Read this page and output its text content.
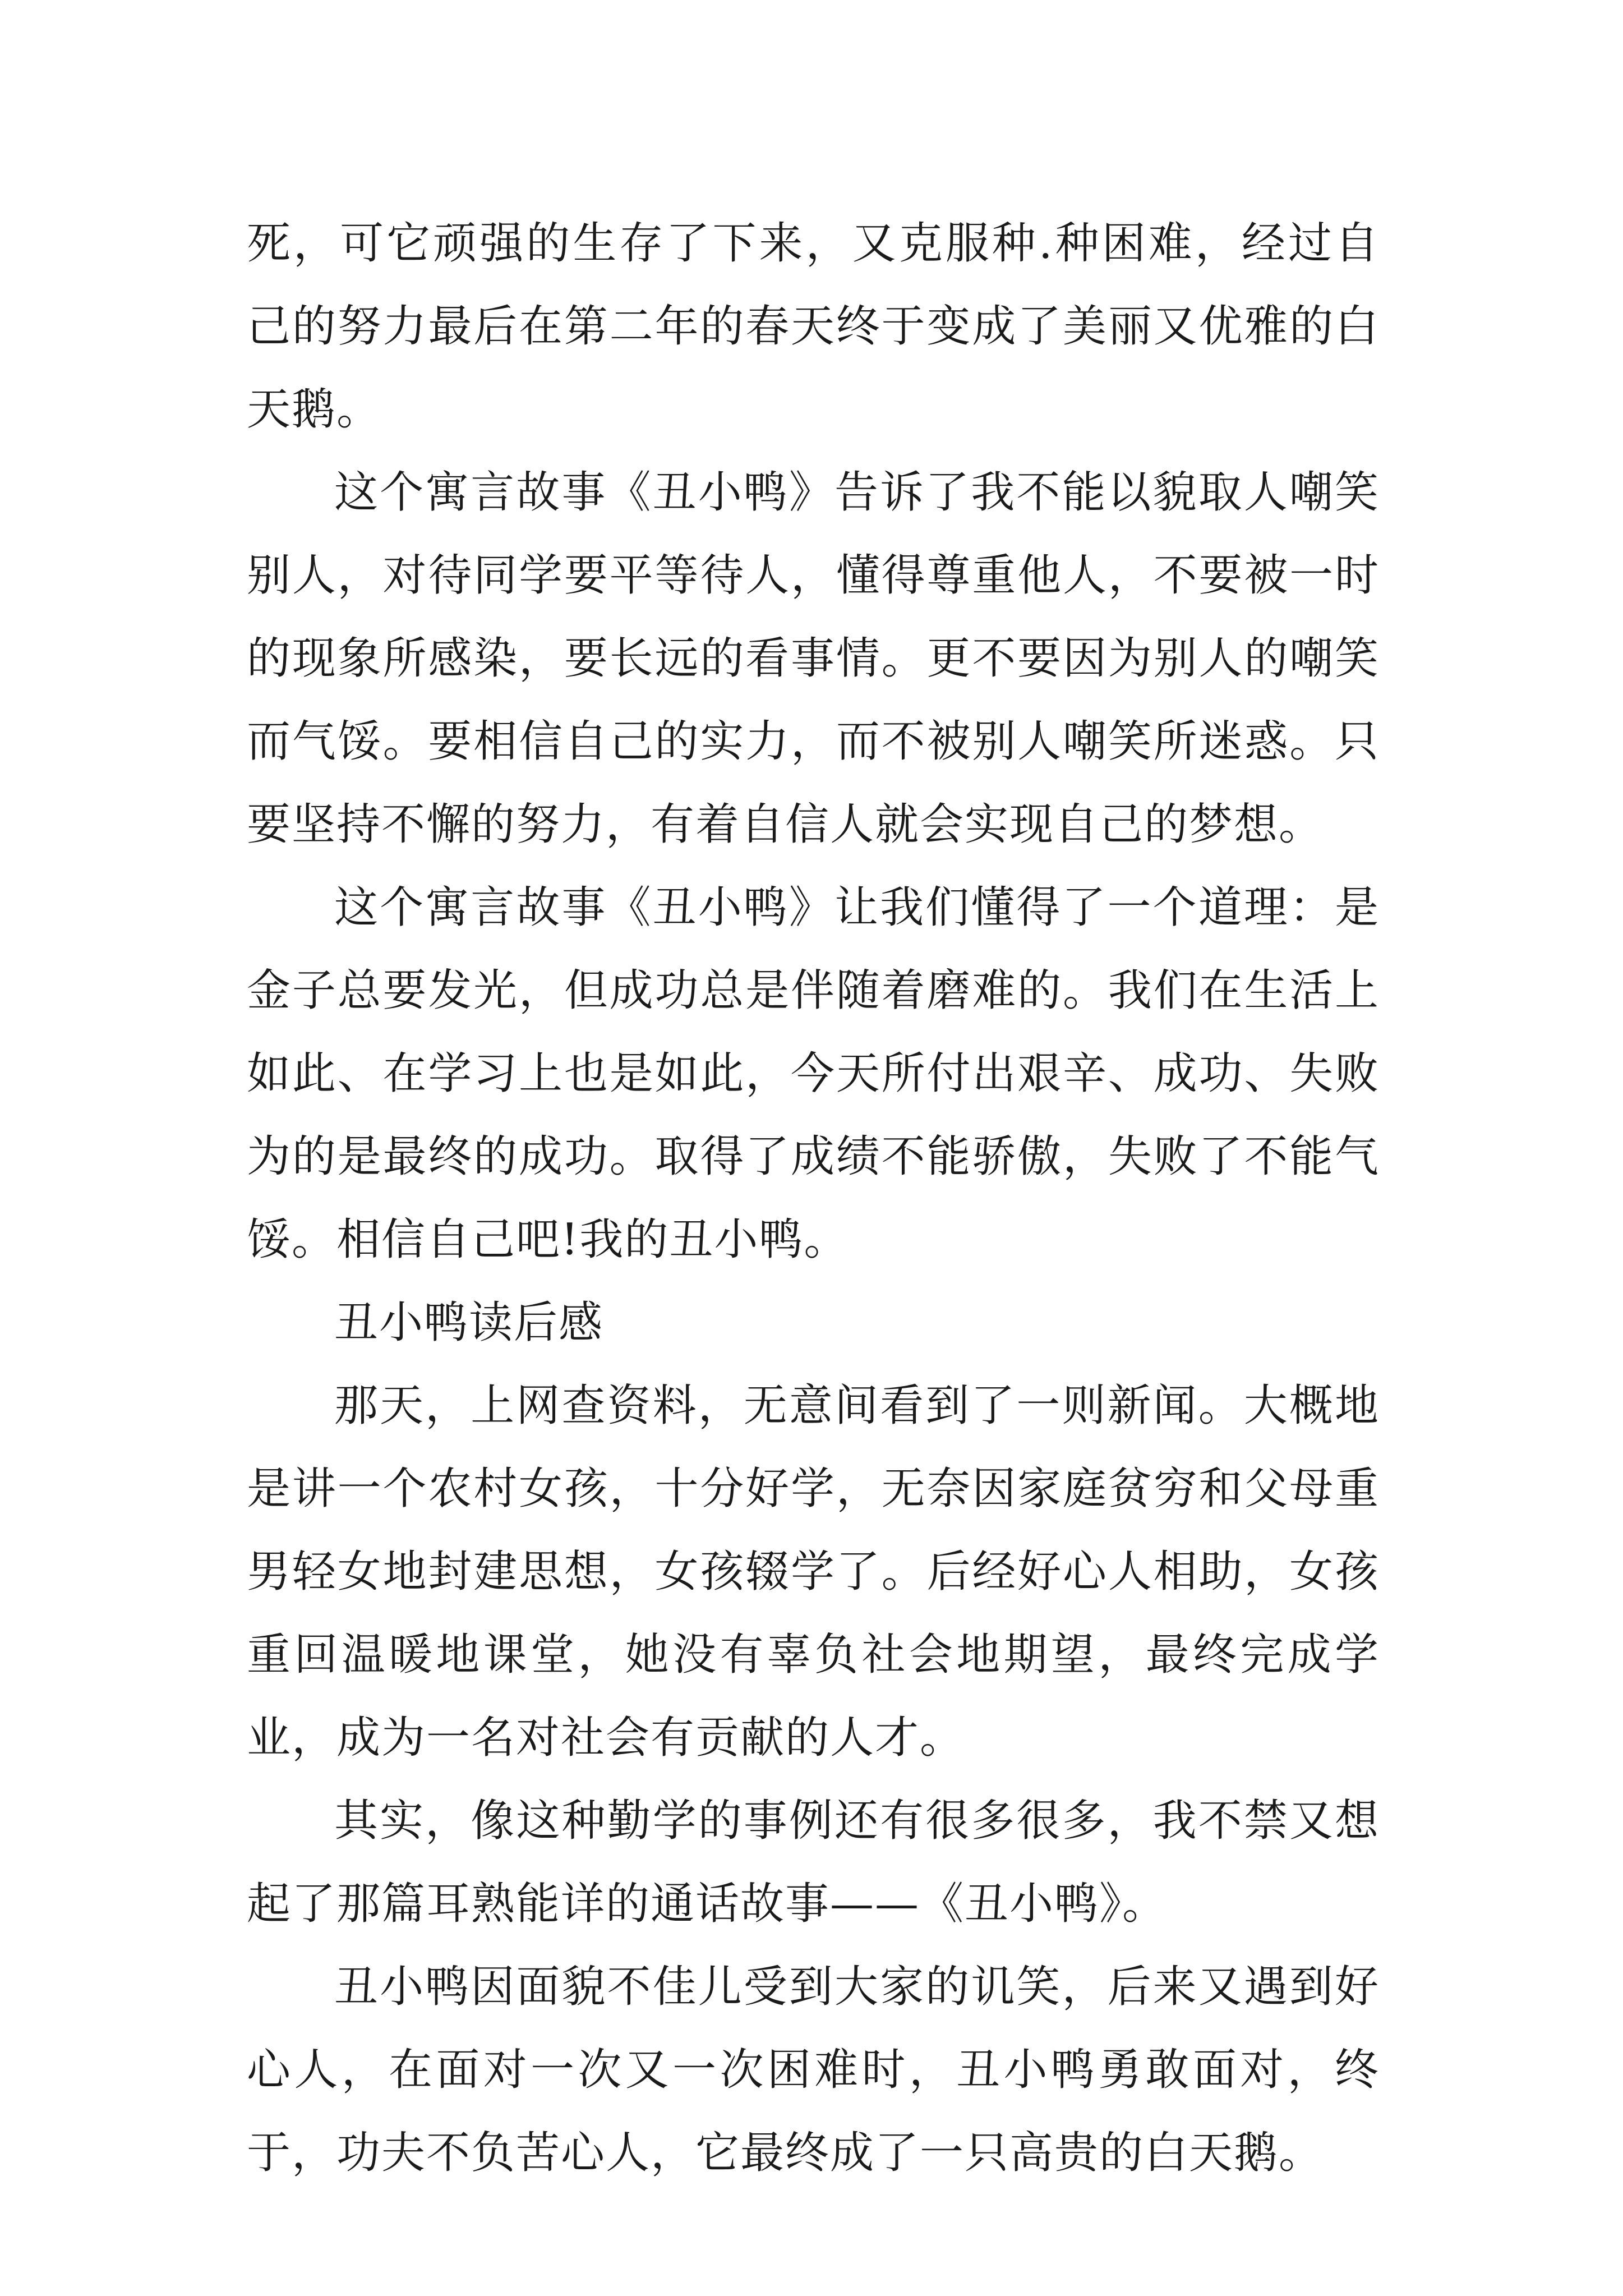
死，可它顽强的生存了下来，又克服种.种困难，经过自己的努力最后在第二年的春天终于变成了美丽又优雅的白天鹅。

这个寓言故事《丑小鸭》告诉了我不能以貌取人嘲笑别人，对待同学要平等待人，懂得尊重他人，不要被一时的现象所感染，要长远的看事情。更不要因为别人的嘲笑而气馁。要相信自己的实力，而不被别人嘲笑所迷惑。只要坚持不懈的努力，有着自信人就会实现自己的梦想。

这个寓言故事《丑小鸭》让我们懂得了一个道理：是金子总要发光，但成功总是伴随着磨难的。我们在生活上如此、在学习上也是如此，今天所付出艰辛、成功、失败为的是最终的成功。取得了成绩不能骄傲，失败了不能气馁。相信自己吧!我的丑小鸭。

丑小鸭读后感

那天，上网查资料，无意间看到了一则新闻。大概地是讲一个农村女孩，十分好学，无奈因家庭贫穷和父母重男轻女地封建思想，女孩辍学了。后经好心人相助，女孩重回温暖地课堂，她没有辜负社会地期望，最终完成学业，成为一名对社会有贡献的人才。

其实，像这种勤学的事例还有很多很多，我不禁又想起了那篇耳熟能详的通话故事——《丑小鸭》。

丑小鸭因面貌不佳儿受到大家的讥笑，后来又遇到好心人，在面对一次又一次困难时，丑小鸭勇敢面对，终于，功夫不负苦心人，它最终成了一只高贵的白天鹅。
